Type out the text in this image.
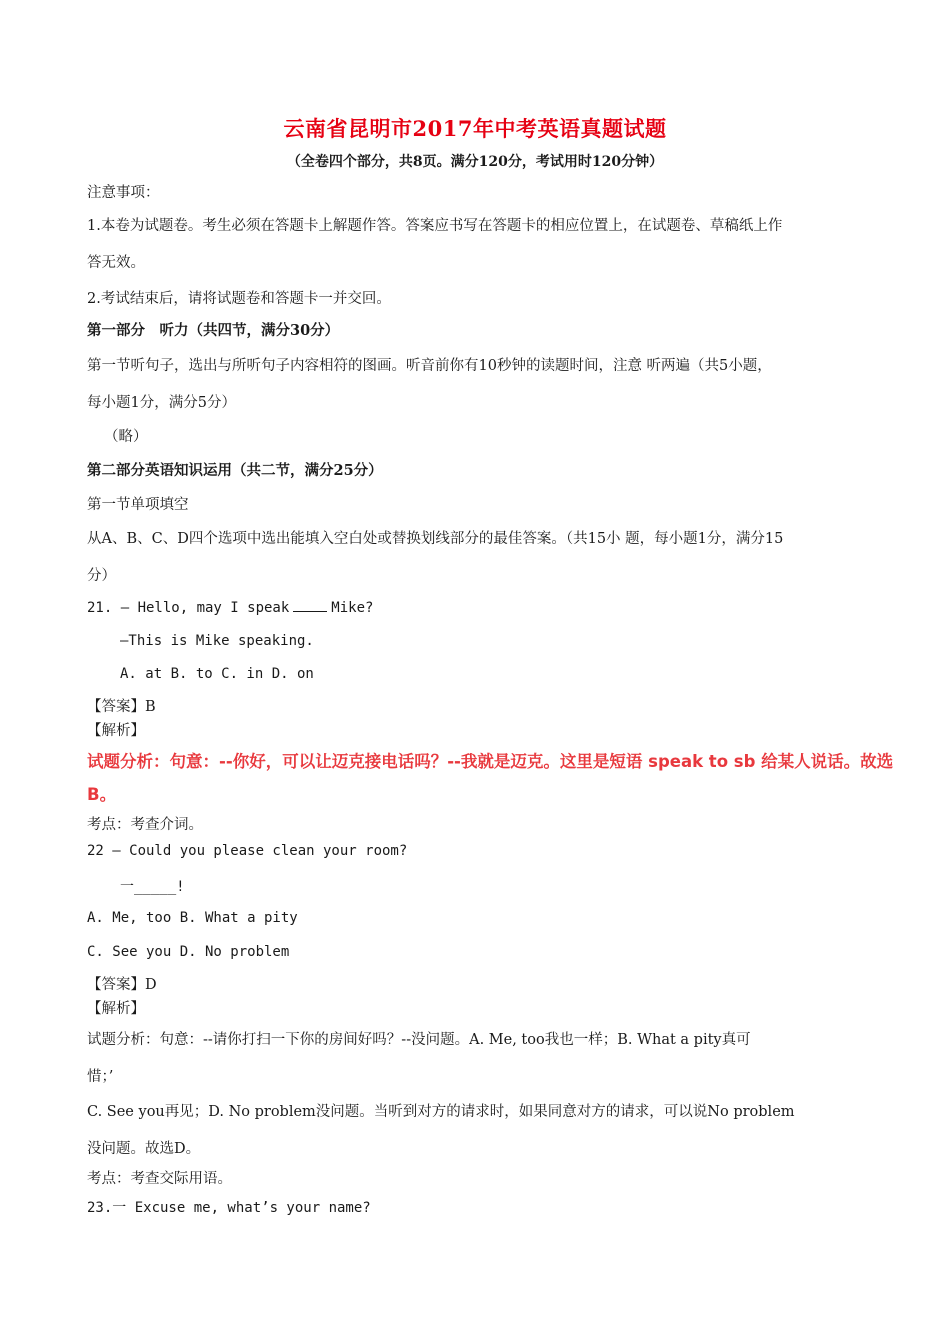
云南省昆明市2017年中考英语真题试题
（全卷四个部分，共8页。满分120分，考试用时120分钟）
注意事项：
1.本卷为试题卷。考生必须在答题卡上解题作答。答案应书写在答题卡的相应位置上，在试题卷、草稿纸上作
答无效。
2.考试结束后，请将试题卷和答题卡一并交回。
第一部分　听力（共四节，满分30分）
第一节听句子，选出与所听句子内容相符的图画。听音前你有10秒钟的读题时间，注意 听两遍（共5小题，
每小题1分，满分5分）
（略）
第二部分英语知识运用（共二节，满分25分）
第一节单项填空
从A、B、C、D四个选项中选出能填入空白处或替换划线部分的最佳答案。（共15小 题，每小题1分，满分15
分）
21. — Hello, may I speak	Mike?
—This is Mike speaking.
A. at B. to C. in D. on
【答案】B
【解析】
试题分析：句意：--你好，可以让迈克接电话吗？--我就是迈克。这里是短语 speak to sb 给某人说话。故选
B。
考点：考查介词。
22 — Could you please clean your room?
一_____!
A. Me, too B. What a pity
C. See you D. No problem
【答案】D
【解析】
试题分析：句意：--请你打扫一下你的房间好吗？--没问题。A. Me, too我也一样；B. What a pity真可
惜；’
C. See you再见；D. No problem没问题。当听到对方的请求时，如果同意对方的请求，可以说No problem
没问题。故选D。
考点：考查交际用语。
23.一 Excuse me, what’s your name?
